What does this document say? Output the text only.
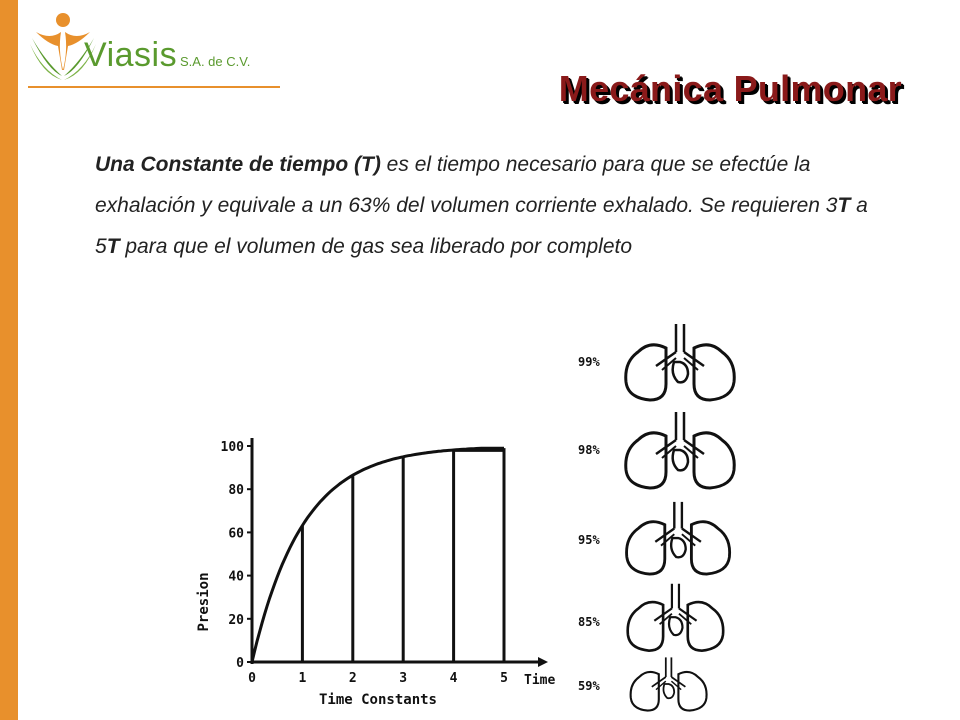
Viasis S.A. de C.V.
Mecánica Pulmonar
Una Constante de tiempo (T) es el tiempo necesario para que se efectúe la exhalación y equivale a un 63% del volumen corriente exhalado. Se requieren 3T a 5T para que el volumen de gas sea liberado por completo
0
20
40
60
80
100
0	1	2	3	4	5
Time Constants
Presion
Time
99%
98%
95%
85%
59%
